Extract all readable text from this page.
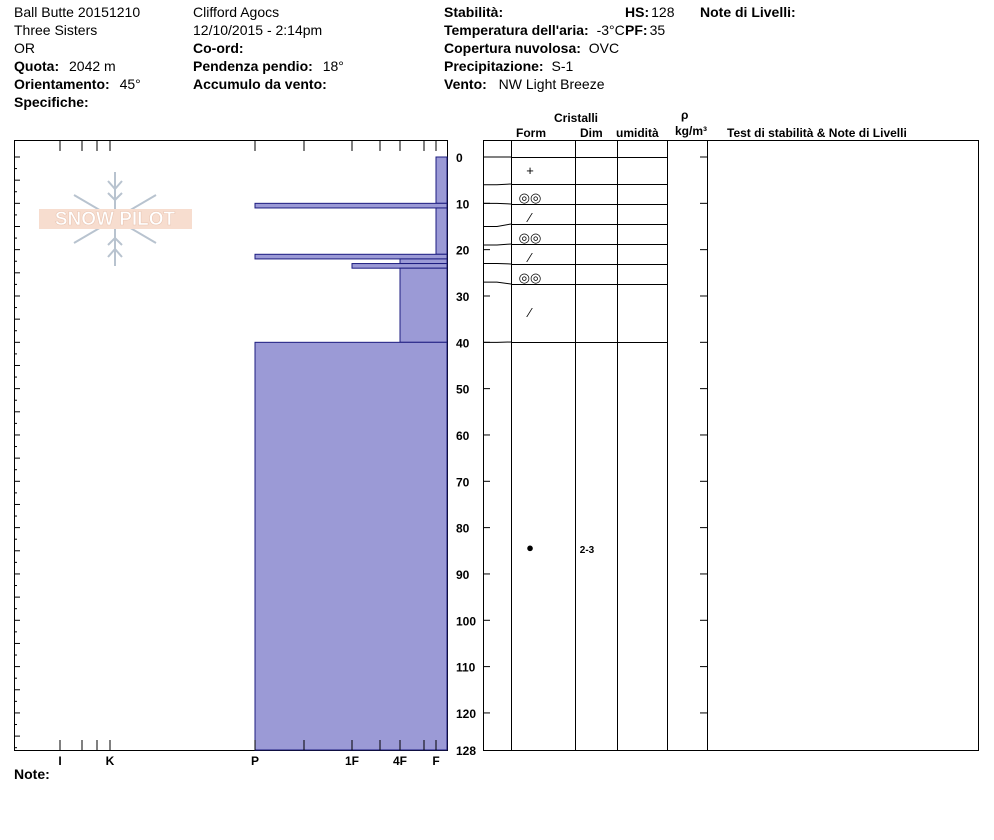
Ball Butte 20151210
Three Sisters
OR
Quota: 2042 m
Orientamento: 45°
Specifiche:
Clifford Agocs
12/10/2015 - 2:14pm
Co-ord:
Pendenza pendio: 18°
Accumulo da vento:
Stabilità:
Temperatura dell'aria: -3°C
Copertura nuvolosa: OVC
Precipitazione: S-1
Vento: NW Light Breeze
HS: 128
PF: 35
Note di Livelli:
Cristalli
Form	Dim umidità
ρ
kg/m³ Test di stabilità & Note di Livelli
Note:
SNOW PILOT
I	K	P	1F	4F F
0
10
20
30
40
50
60
70
80
90
100
110
120
128
+
◎◎
⁄
◎◎
⁄
◎◎
⁄
●	2-3
